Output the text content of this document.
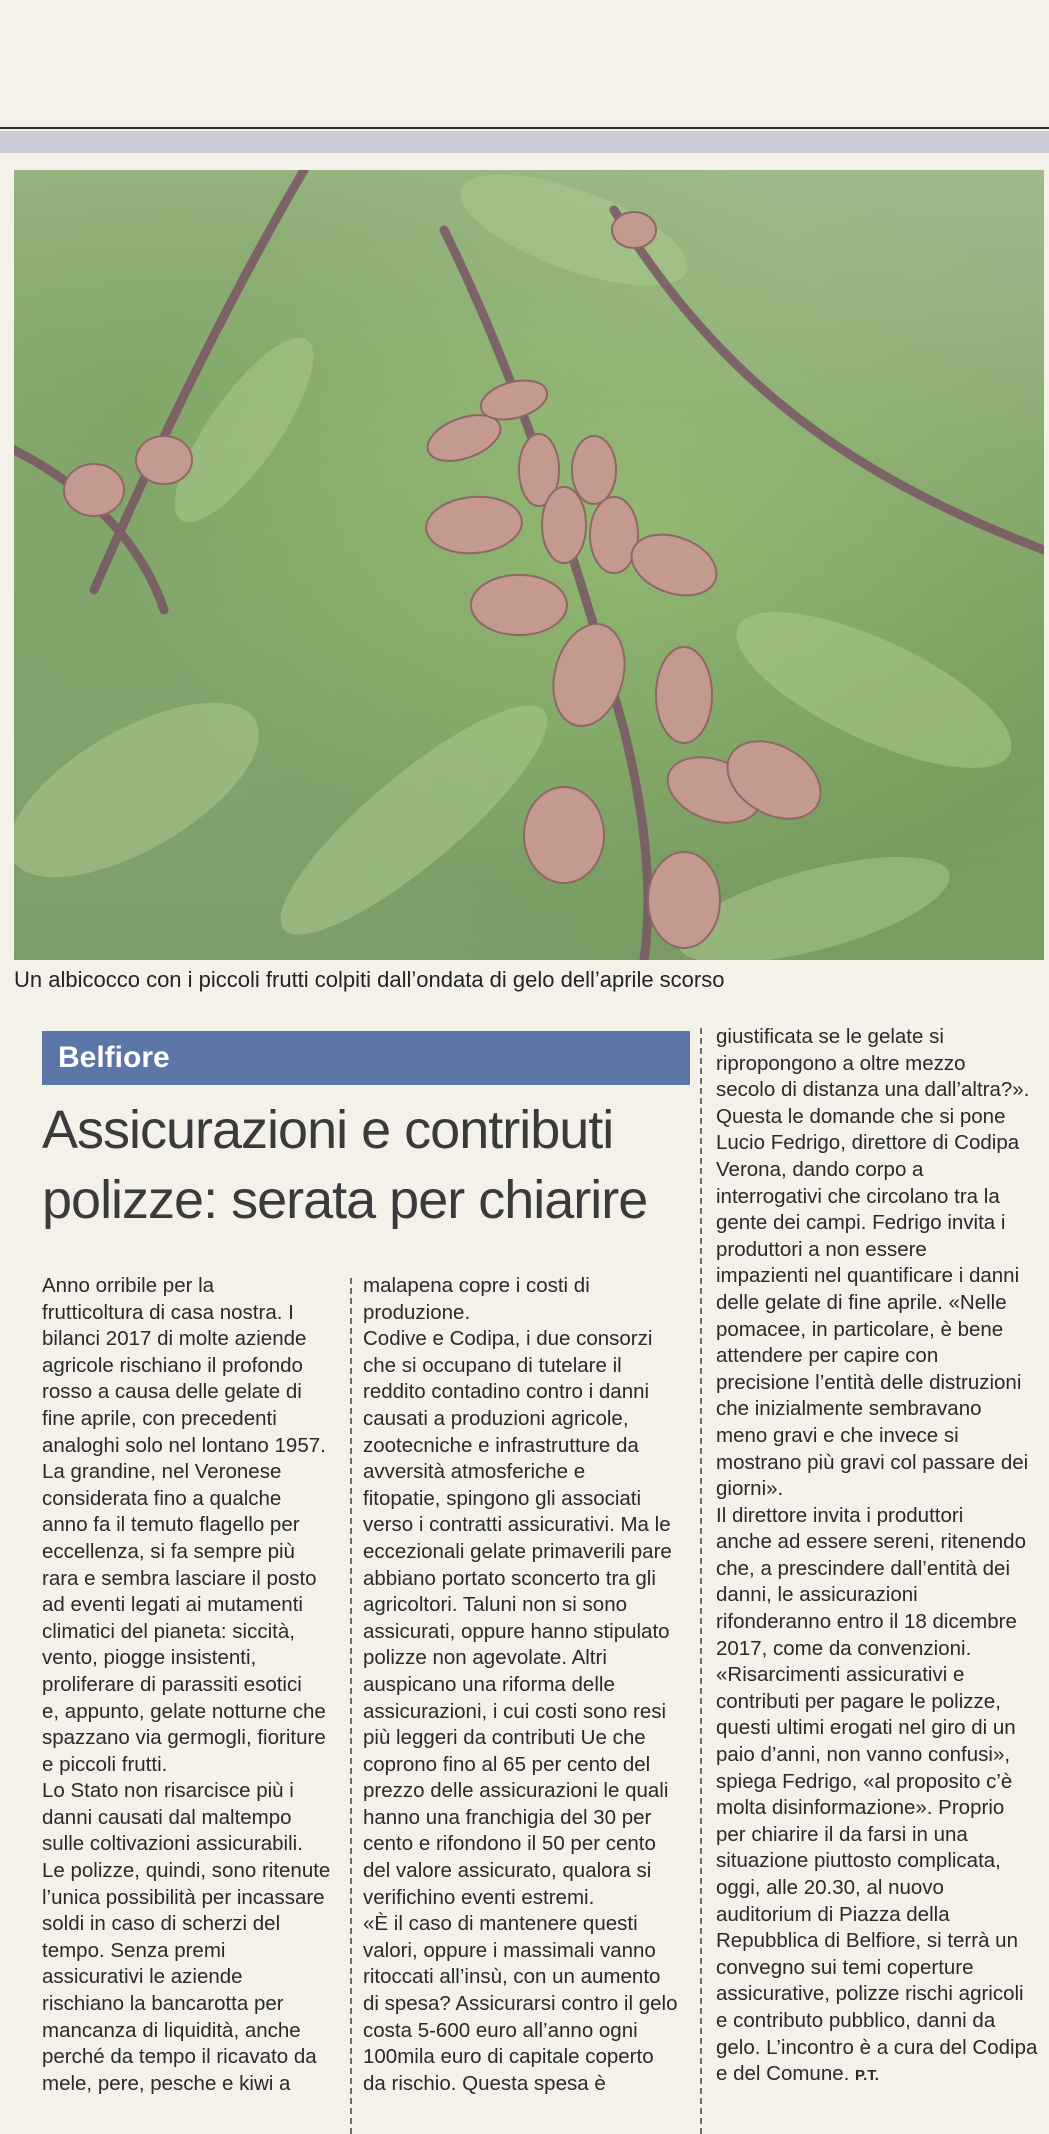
Un albicocco con i piccoli frutti colpiti dall’ondata di gelo dell’aprile scorso
Belfiore
Assicurazioni e contributi
polizze: serata per chiarire
Anno orribile per la
frutticoltura di casa nostra. I
bilanci 2017 di molte aziende
agricole rischiano il profondo
rosso a causa delle gelate di
fine aprile, con precedenti
analoghi solo nel lontano 1957.
La grandine, nel Veronese
considerata fino a qualche
anno fa il temuto flagello per
eccellenza, si fa sempre più
rara e sembra lasciare il posto
ad eventi legati ai mutamenti
climatici del pianeta: siccità,
vento, piogge insistenti,
proliferare di parassiti esotici
e, appunto, gelate notturne che
spazzano via germogli, fioriture
e piccoli frutti.
Lo Stato non risarcisce più i
danni causati dal maltempo
sulle coltivazioni assicurabili.
Le polizze, quindi, sono ritenute
l’unica possibilità per incassare
soldi in caso di scherzi del
tempo. Senza premi
assicurativi le aziende
rischiano la bancarotta per
mancanza di liquidità, anche
perché da tempo il ricavato da
mele, pere, pesche e kiwi a
malapena copre i costi di
produzione.
Codive e Codipa, i due consorzi
che si occupano di tutelare il
reddito contadino contro i danni
causati a produzioni agricole,
zootecniche e infrastrutture da
avversità atmosferiche e
fitopatie, spingono gli associati
verso i contratti assicurativi. Ma le
eccezionali gelate primaverili pare
abbiano portato sconcerto tra gli
agricoltori. Taluni non si sono
assicurati, oppure hanno stipulato
polizze non agevolate. Altri
auspicano una riforma delle
assicurazioni, i cui costi sono resi
più leggeri da contributi Ue che
coprono fino al 65 per cento del
prezzo delle assicurazioni le quali
hanno una franchigia del 30 per
cento e rifondono il 50 per cento
del valore assicurato, qualora si
verifichino eventi estremi.
«È il caso di mantenere questi
valori, oppure i massimali vanno
ritoccati all’insù, con un aumento
di spesa? Assicurarsi contro il gelo
costa 5-600 euro all’anno ogni
100mila euro di capitale coperto
da rischio. Questa spesa è
giustificata se le gelate si
ripropongono a oltre mezzo
secolo di distanza una dall’altra?».
Questa le domande che si pone
Lucio Fedrigo, direttore di Codipa
Verona, dando corpo a
interrogativi che circolano tra la
gente dei campi. Fedrigo invita i
produttori a non essere
impazienti nel quantificare i danni
delle gelate di fine aprile. «Nelle
pomacee, in particolare, è bene
attendere per capire con
precisione l’entità delle distruzioni
che inizialmente sembravano
meno gravi e che invece si
mostrano più gravi col passare dei
giorni».
Il direttore invita i produttori
anche ad essere sereni, ritenendo
che, a prescindere dall’entità dei
danni, le assicurazioni
rifonderanno entro il 18 dicembre
2017, come da convenzioni.
«Risarcimenti assicurativi e
contributi per pagare le polizze,
questi ultimi erogati nel giro di un
paio d’anni, non vanno confusi»,
spiega Fedrigo, «al proposito c’è
molta disinformazione». Proprio
per chiarire il da farsi in una
situazione piuttosto complicata,
oggi, alle 20.30, al nuovo
auditorium di Piazza della
Repubblica di Belfiore, si terrà un
convegno sui temi coperture
assicurative, polizze rischi agricoli
e contributo pubblico, danni da
gelo. L’incontro è a cura del Codipa
e del Comune. P.T.
